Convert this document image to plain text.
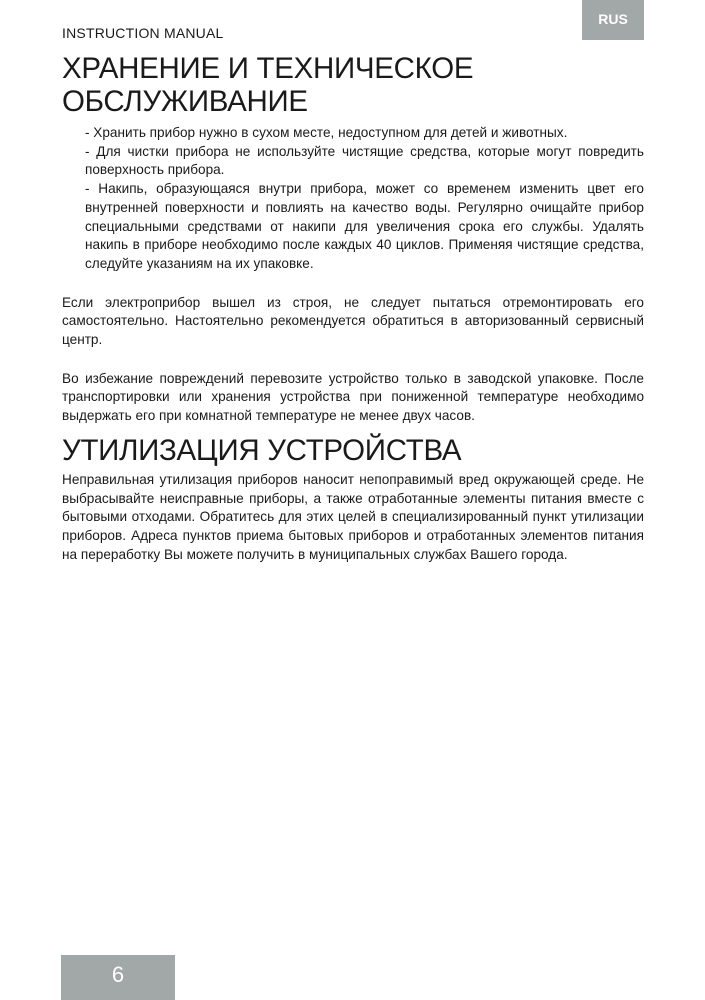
INSTRUCTION MANUAL
RUS
ХРАНЕНИЕ И ТЕХНИЧЕСКОЕ
ОБСЛУЖИВАНИЕ
- Хранить прибор нужно в сухом месте, недоступном для детей и животных.
- Для чистки прибора не используйте чистящие средства, которые могут повредить поверхность прибора.
- Накипь, образующаяся внутри прибора, может со временем изменить цвет его внутренней поверхности и повлиять на качество воды. Регулярно очищайте прибор специальными средствами от накипи для увеличения срока его службы. Удалять накипь в приборе необходимо после каждых 40 циклов. Применяя чистящие средства, следуйте указаниям на их упаковке.

Если электроприбор вышел из строя, не следует пытаться отремонтировать его самостоятельно. Настоятельно рекомендуется обратиться в авторизованный сервисный центр.

Во избежание повреждений перевозите устройство только в заводской упаковке. После транспортировки или хранения устройства при пониженной температуре необходимо выдержать его при комнатной температуре не менее двух часов.

УТИЛИЗАЦИЯ УСТРОЙСТВА

Неправильная утилизация приборов наносит непоправимый вред окружающей среде. Не выбрасывайте неисправные приборы, а также отработанные элементы питания вместе с бытовыми отходами. Обратитесь для этих целей в специализированный пункт утилизации приборов. Адреса пунктов приема бытовых приборов и отработанных элементов питания на переработку Вы можете получить в муниципальных службах Вашего города.

6
